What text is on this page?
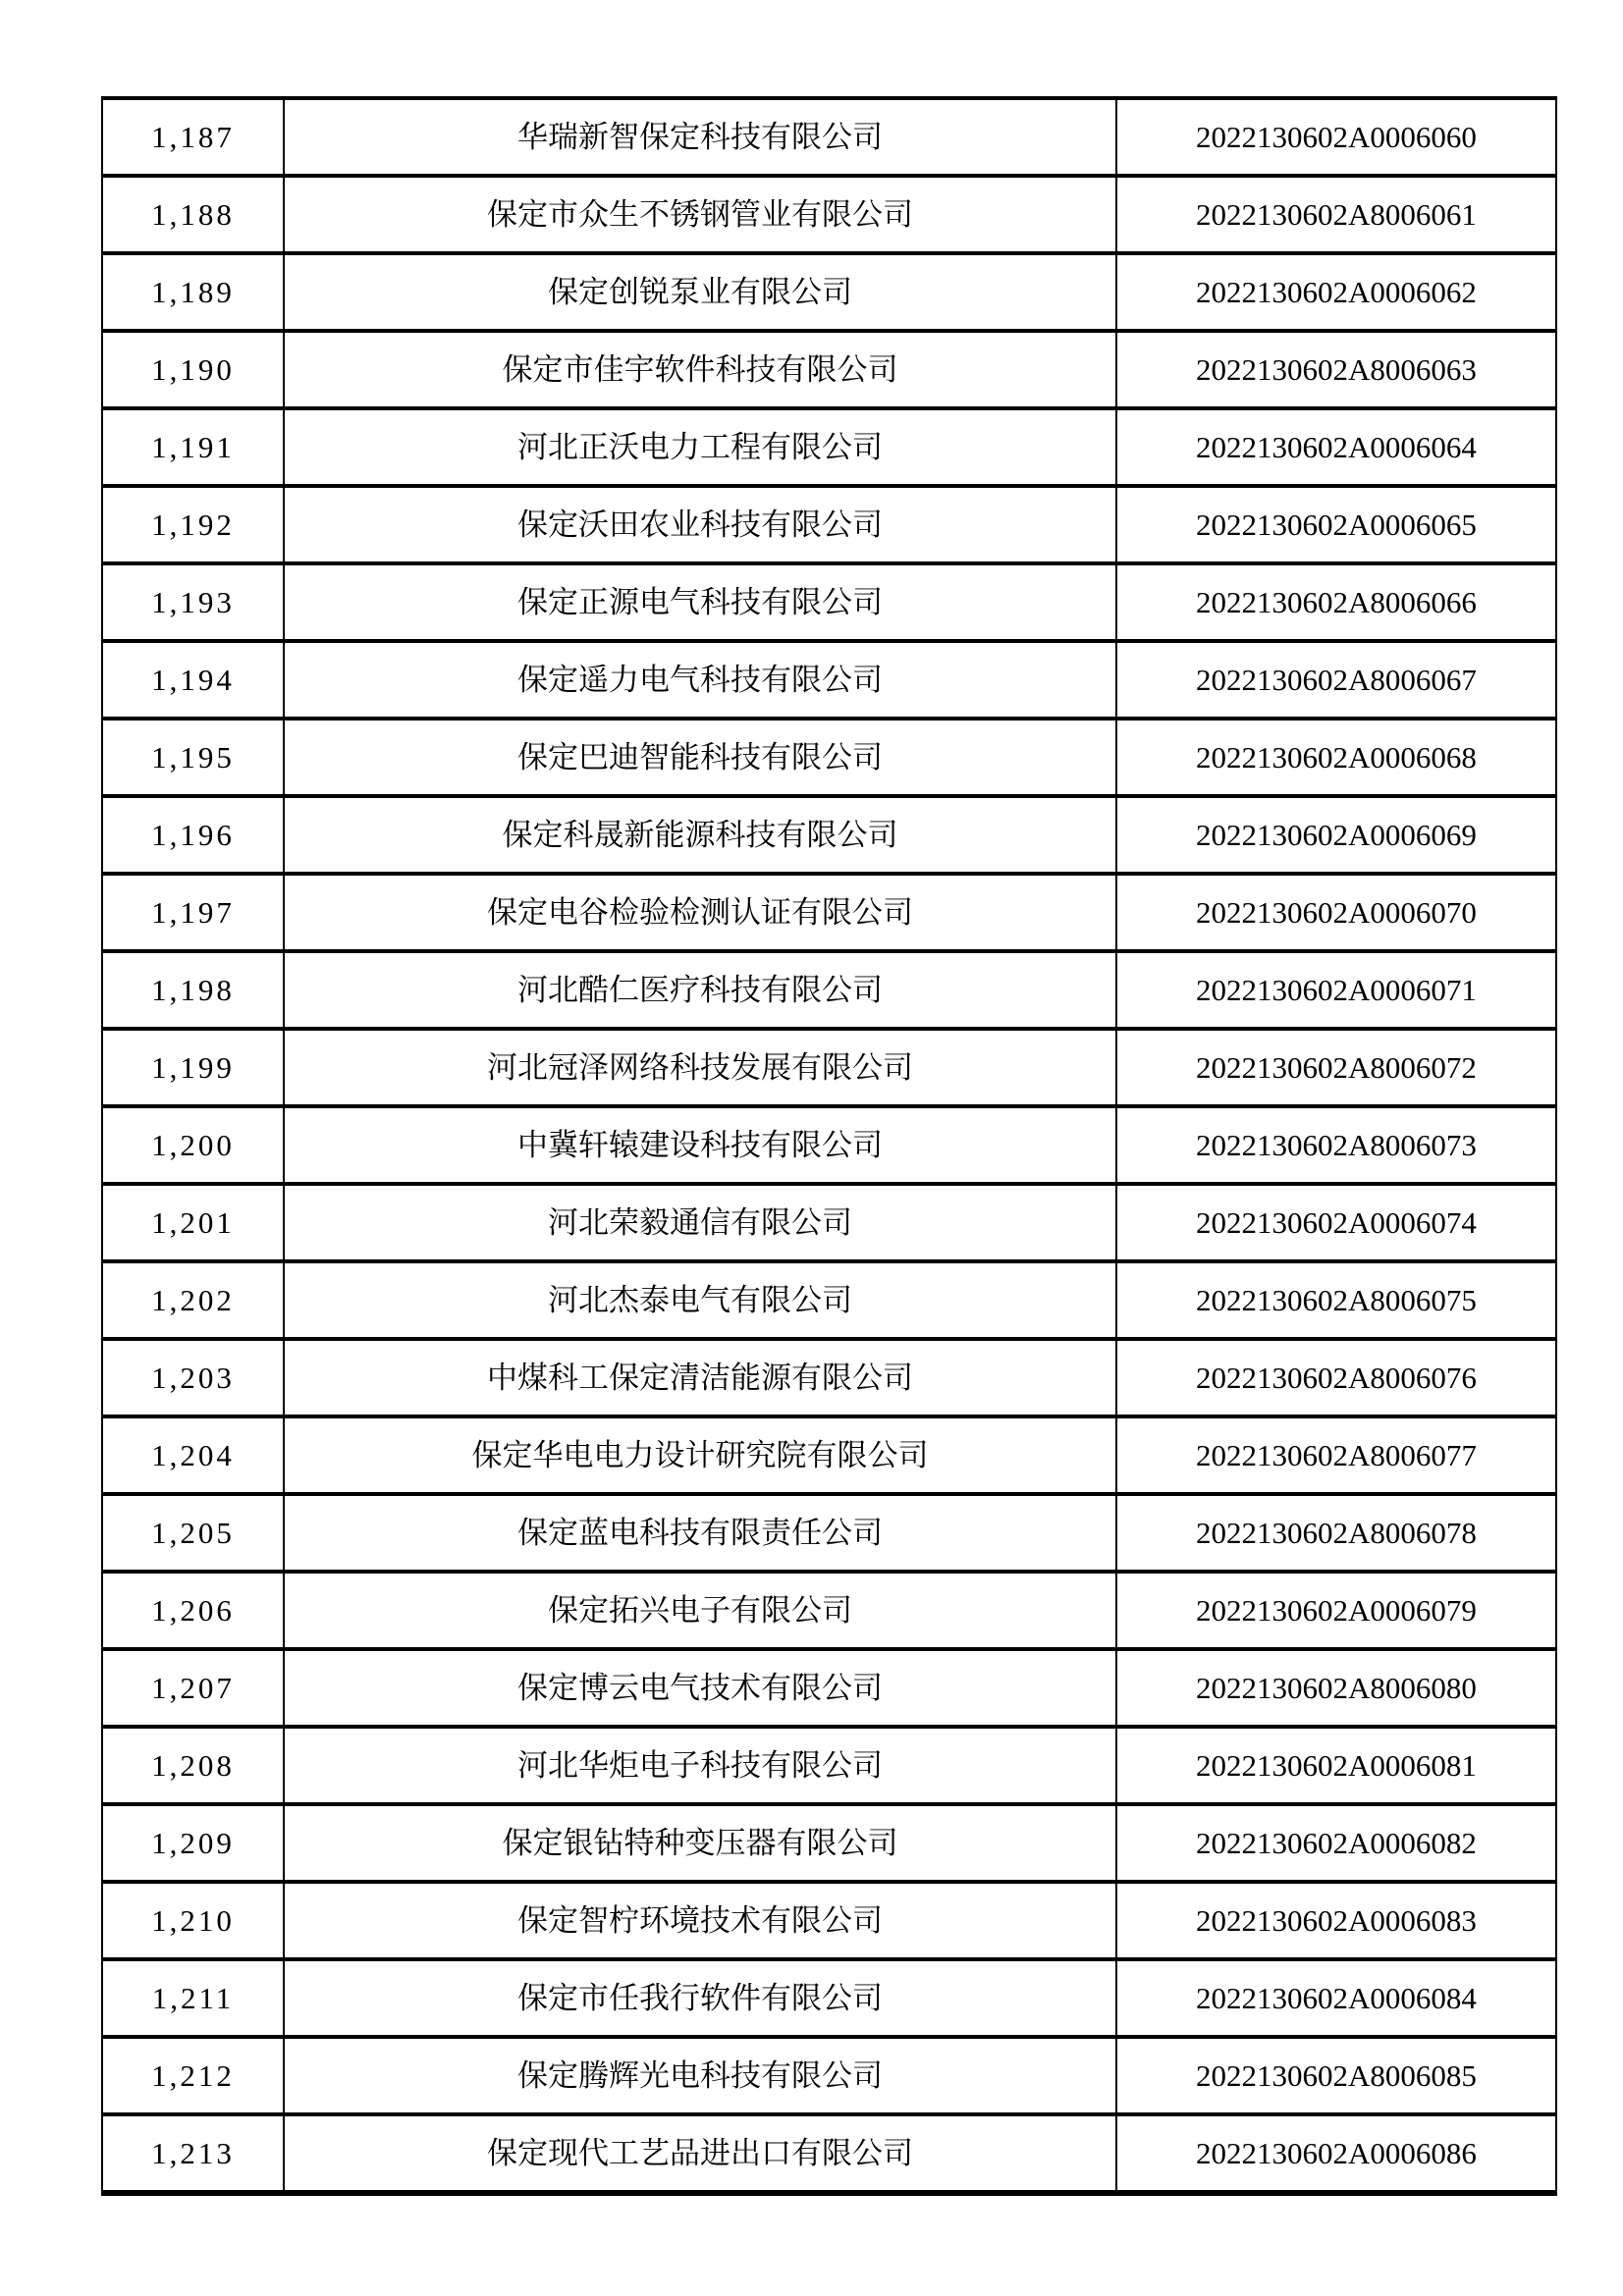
1,187	华瑞新智保定科技有限公司	2022130602A0006060
1,188	保定市众生不锈钢管业有限公司	2022130602A8006061
1,189	保定创锐泵业有限公司	2022130602A0006062
1,190	保定市佳宇软件科技有限公司	2022130602A8006063
1,191	河北正沃电力工程有限公司	2022130602A0006064
1,192	保定沃田农业科技有限公司	2022130602A0006065
1,193	保定正源电气科技有限公司	2022130602A8006066
1,194	保定遥力电气科技有限公司	2022130602A8006067
1,195	保定巴迪智能科技有限公司	2022130602A0006068
1,196	保定科晟新能源科技有限公司	2022130602A0006069
1,197	保定电谷检验检测认证有限公司	2022130602A0006070
1,198	河北酷仁医疗科技有限公司	2022130602A0006071
1,199	河北冠泽网络科技发展有限公司	2022130602A8006072
1,200	中冀轩辕建设科技有限公司	2022130602A8006073
1,201	河北荣毅通信有限公司	2022130602A0006074
1,202	河北杰泰电气有限公司	2022130602A8006075
1,203	中煤科工保定清洁能源有限公司	2022130602A8006076
1,204	保定华电电力设计研究院有限公司	2022130602A8006077
1,205	保定蓝电科技有限责任公司	2022130602A8006078
1,206	保定拓兴电子有限公司	2022130602A0006079
1,207	保定博云电气技术有限公司	2022130602A8006080
1,208	河北华炬电子科技有限公司	2022130602A0006081
1,209	保定银钻特种变压器有限公司	2022130602A0006082
1,210	保定智柠环境技术有限公司	2022130602A0006083
1,211	保定市任我行软件有限公司	2022130602A0006084
1,212	保定腾辉光电科技有限公司	2022130602A8006085
1,213	保定现代工艺品进出口有限公司	2022130602A0006086
